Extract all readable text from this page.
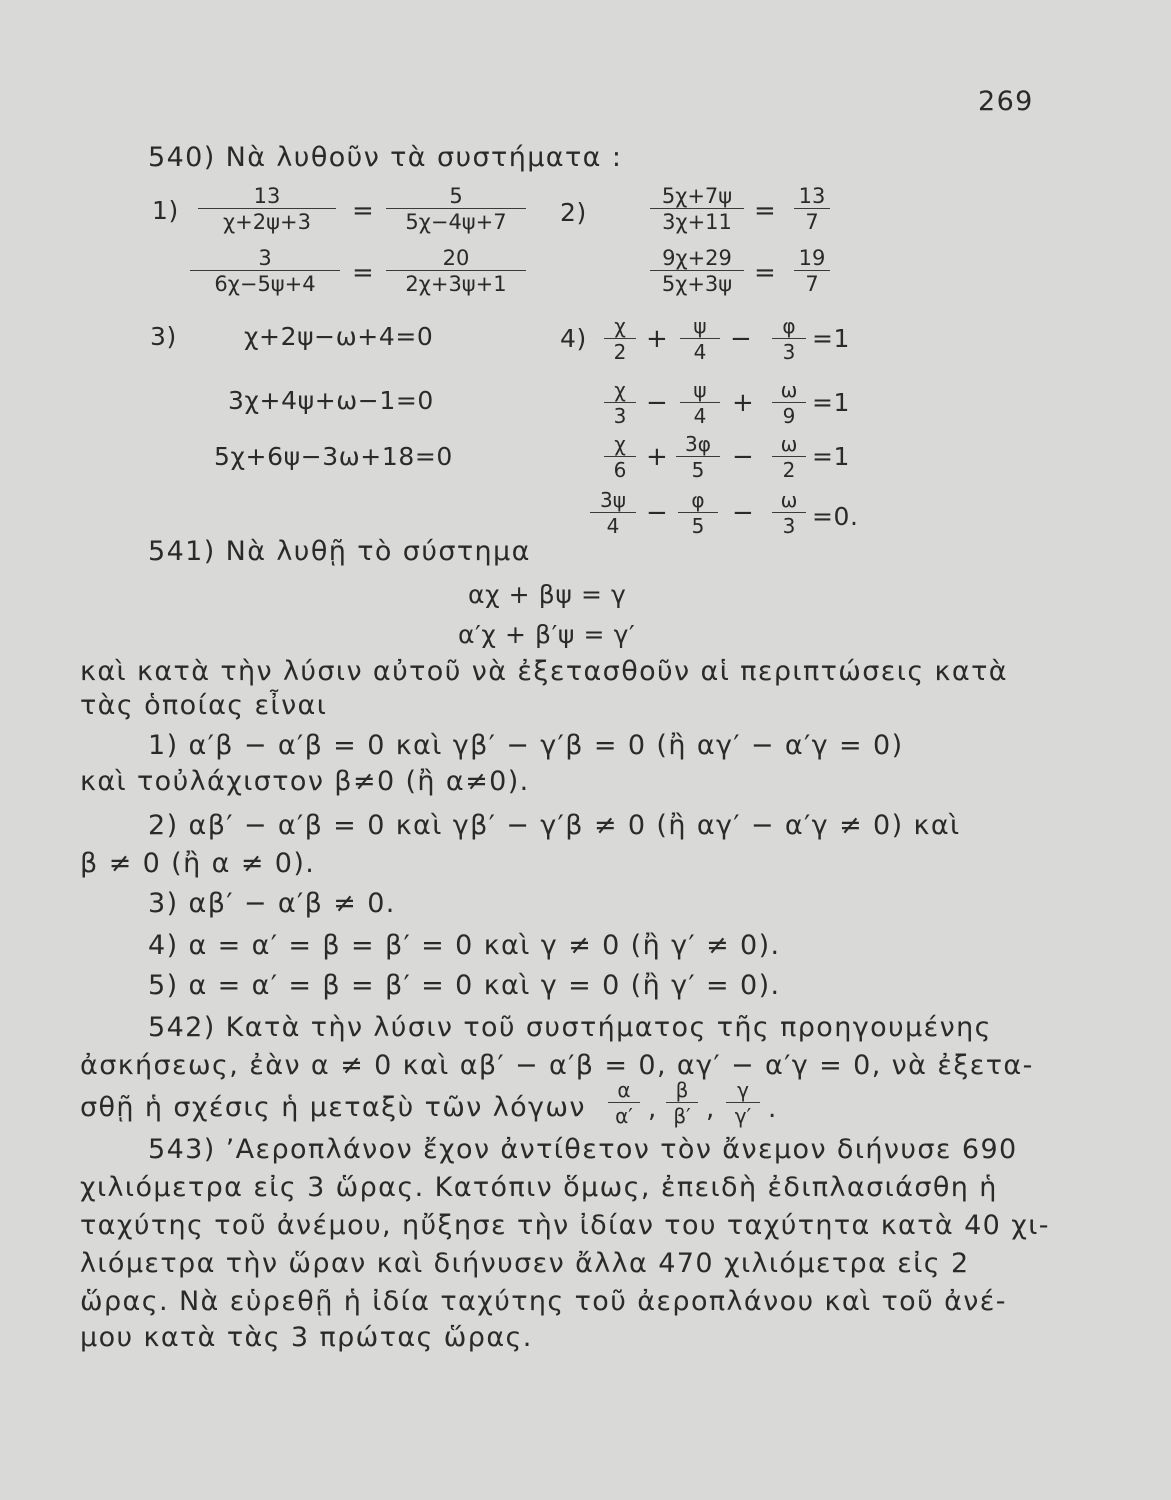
269
540) Νὰ λυθοῦν τὰ συστήματα :
$1) \frac{13}{\chi+2\psi+3} = \frac{5}{5\chi-4\psi+7}$
$\frac{3}{6\chi-5\psi+4} = \frac{20}{2\chi+3\psi+1}$
2)	$\frac{5\chi+7\psi}{3\chi+11} = \frac{13}{7}$
$\frac{9\chi+29}{5\chi+3\psi} = \frac{19}{7}$
3)	χ+2ψ−ω+4=0
3χ+4ψ+ω−1=0
5χ+6ψ−3ω+18=0
$4) \frac{\chi}{2} + \frac{\psi}{4} - \frac{\varphi}{3} =1$
$\frac{\chi}{3} - \frac{\psi}{4} + \frac{\omega}{9} =1$
$\frac{\chi}{6} + \frac{3\varphi}{5} - \frac{\omega}{2} =1$
$\frac{3\psi}{4} - \frac{\varphi}{5} - \frac{\omega}{3} =0$.
541) Νὰ λυθῇ τὸ σύστημα
αχ + βψ = γ
α′χ + β′ψ = γ′
καὶ κατὰ τὴν λύσιν αὐτοῦ νὰ ἐξετασθοῦν αἱ περιπτώσεις κατὰ
τὰς ὁποίας εἶναι
1) α′β − α′β = 0 καὶ γβ′ − γ′β = 0 (ἢ αγ′ − α′γ = 0)
καὶ τοὐλάχιστον β≠0 (ἢ α≠0).
2) αβ′ − α′β = 0 καὶ γβ′ − γ′β ≠ 0 (ἢ αγ′ − α′γ ≠ 0) καὶ
β ≠ 0 (ἢ α ≠ 0).
3) αβ′ − α′β ≠ 0.
4) α = α′ = β = β′ = 0 καὶ γ ≠ 0 (ἢ γ′ ≠ 0).
5) α = α′ = β = β′ = 0 καὶ γ = 0 (ἢ γ′ = 0).
542) Κατὰ τὴν λύσιν τοῦ συστήματος τῆς προηγουμένης
ἀσκήσεως, ἐὰν α ≠ 0 καὶ αβ′ − α′β = 0, αγ′ − α′γ = 0, νὰ ἐξετα-
σθῇ ἡ σχέσις ἡ μεταξὺ τῶν λόγων $\frac{\alpha}{\alpha'}$ , $\frac{\beta}{\beta'}$ , $\frac{\gamma}{\gamma'}$ .
543) ’Αεροπλάνον ἔχον ἀντίθετον τὸν ἄνεμον διήνυσε 690
χιλιόμετρα εἰς 3 ὥρας. Κατόπιν ὅμως, ἐπειδὴ ἐδιπλασιάσθη ἡ
ταχύτης τοῦ ἀνέμου, ηὔξησε τὴν ἰδίαν του ταχύτητα κατὰ 40 χι-
λιόμετρα τὴν ὥραν καὶ διήνυσεν ἄλλα 470 χιλιόμετρα εἰς 2
ὥρας. Νὰ εὑρεθῇ ἡ ἰδία ταχύτης τοῦ ἀεροπλάνου καὶ τοῦ ἀνέ-
μου κατὰ τὰς 3 πρώτας ὥρας.
